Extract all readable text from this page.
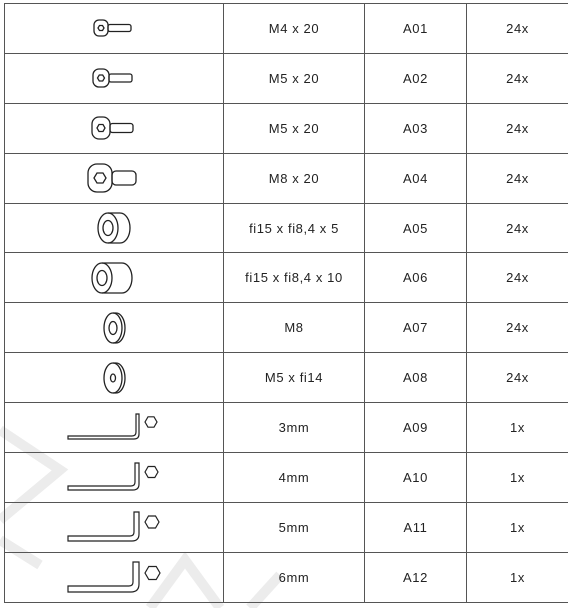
	M4 x 20	A01	24x

	M5 x 20	A02	24x

	M5 x 20	A03	24x

	M8 x 20	A04	24x

	fi15 x fi8,4 x 5	A05	24x

	fi15 x fi8,4 x 10	A06	24x

	M8	A07	24x

	M5 x fi14	A08	24x

	3mm	A09	1x

	4mm	A10	1x

	5mm	A11	1x

	6mm	A12	1x
